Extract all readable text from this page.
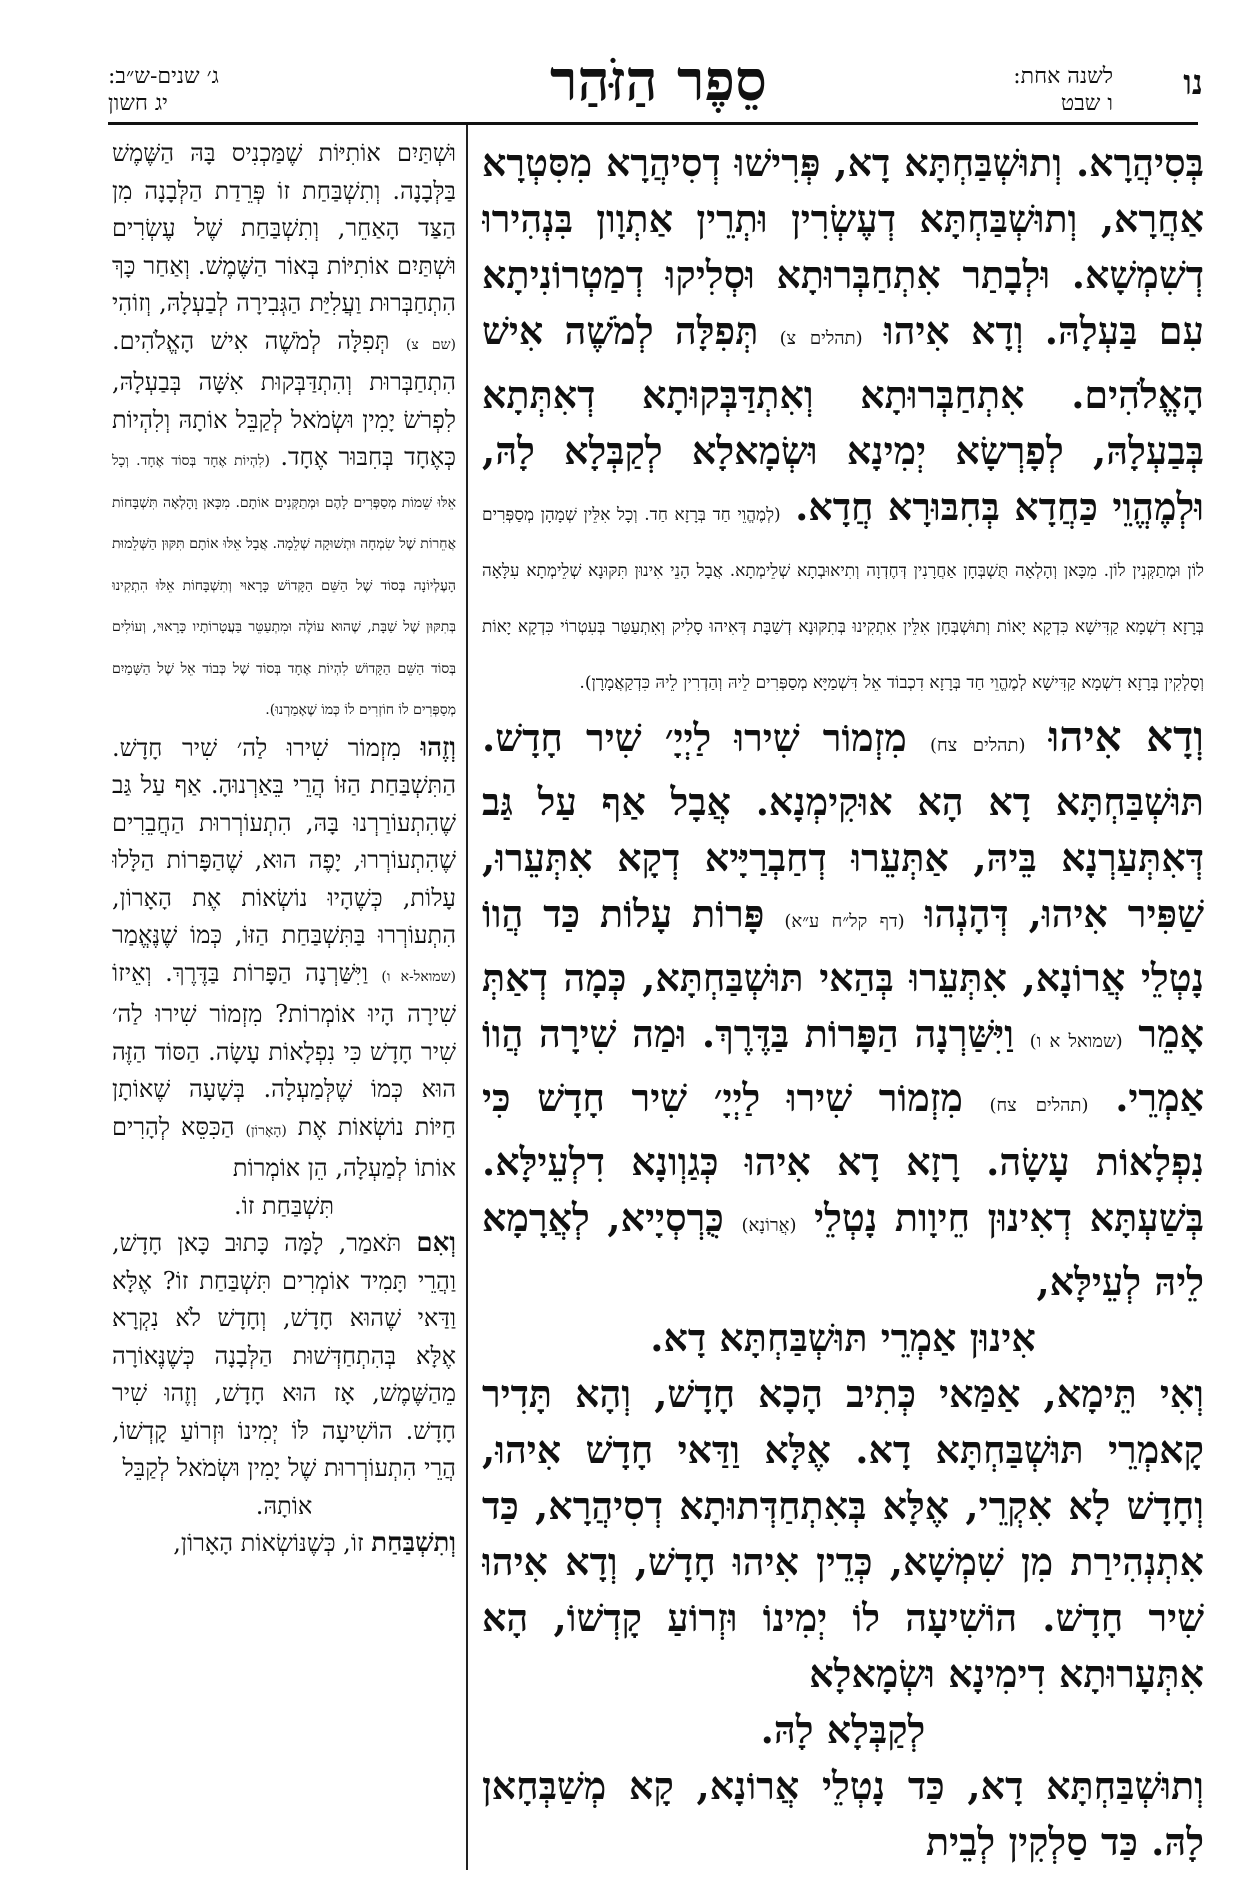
נו
לשנה אחת:
ו שבט
סֵפֶר הַזֹּהַר
ג׳ שנים-ש״ב:
יג חשון

בְּסִיהֲרָא. וְתוּשְׁבַּחְתָּא דָא, פְּרִישׁוּ דְסִיהֲרָא מִסִּטְרָא אַחֲרָא, וְתוּשְׁבַּחְתָּא דְעֶשְׂרִין וּתְרֵין אַתְוָון בִּנְהִירוּ דְשִׁמְשָׁא. וּלְבָתַר אִתְחַבְּרוּתָא וּסְלִיקוּ דְמַטְרוֹנִיתָא עִם בַּעְלָהּ. וְדָא אִיהוּ (תהלים צ) תְּפִלָּה לְמֹשֶׁה אִישׁ הָאֱלֹהִים. אִתְחַבְּרוּתָא וְאִתְדַּבְּקוּתָא דְאִתְּתָא בְּבַעְלָהּ, לְפָרְשָׂא יְמִינָא וּשְׂמָאלָא לְקַבְּלָא לָהּ, וּלְמֶהֱוֵי כַּחֲדָא בְּחִבּוּרָא חֲדָא. (לְמֶהֱוֵי חַד בְּרָזָא חַד. וְכָל אִלֵּין שְׁמָהָן מְסַפְּרִים לוֹן וּמְתַקְּנִין לוֹן. מִכָּאן וְהָלְאָה תֻּשְׁבְּחָן אַחֲרָנִין דְּחֶדְוָה וְתִיאוּבְתָא שְׁלֵימְתָא. אֲבָל הָנֵי אִינוּן תִּקּוּנָא שְׁלֵימְתָא עִלָּאָה בְּרָזָא דִשְׁמָא קַדִּישָׁא כִּדְקָא יָאוֹת וְתוּשְׁבְּחָן אִלֵּין אִתְקִינוּ בְּתִקּוּנָא דְשַׁבָּת דְּאִיהוּ סָלִיק וְאִתְעַטַּר בְּעִטְרוֹי כִּדְקָא יָאוֹת וְסָלְקִין בְּרָזָא דִשְׁמָא קַדִּישָׁא לְמֶהֱוֵי חַד בְּרָזָא דִכְבוֹד אֵל דִּשְׁמַיָּא מְסַפְּרִים לֵיהּ וְהַדְרִין לֵיהּ כִּדְקַאֲמָרָן).

וְדָא אִיהוּ (תהלים צח) מִזְמוֹר שִׁירוּ לַיְיָ׳ שִׁיר חָדָשׁ. תּוּשְׁבַּחְתָּא דָא הָא אוּקִימְנָא. אֲבָל אַף עַל גַּב דְּאִתְּעַרְנָא בֵּיהּ, אַתְּעֵרוּ דְחַבְרַיָּיא דְקָא אִתְּעֵרוּ, שַׁפִּיר אִיהוּ, דְּהָנְהוּ (דף קל״ח ע״א) פָּרוֹת עָלוֹת כַּד הֲווֹ נָטְלֵי אֲרוֹנָא, אִתְּעֵרוּ בְּהַאי תּוּשְׁבַּחְתָּא, כְּמָה דְאַתְּ אָמֵר (שמואל א ו) וַיִּשַּׁרְנָה הַפָּרוֹת בַּדֶּרֶךְ. וּמַה שִׁירָה הֲווֹ אַמְרֵי. (תהלים צח) מִזְמוֹר שִׁירוּ לַיְיָ׳ שִׁיר חָדָשׁ כִּי נִפְלָאוֹת עָשָׂה. רָזָא דָא אִיהוּ כְּגַוְונָא דִלְעֵילָּא. בְּשַׁעְתָּא דְאִינוּן חֵיוָות נָטְלֵי (אֲרוֹנָא) כֻּרְסְיָיא, לְאֲרָמָא לֵיהּ לְעֵילָּא,

אִינוּן אַמְרֵי תּוּשְׁבַּחְתָּא דָא.

וְאִי תֵּימָא, אַמַּאי כְּתִיב הָכָא חָדָשׁ, וְהָא תָּדִיר קָאמְרֵי תּוּשְׁבַּחְתָּא דָא. אֶלָּא וַדַּאי חָדָשׁ אִיהוּ, וְחָדָשׁ לָא אִקְרֵי, אֶלָּא בְּאִתְחַדְּתוּתָא דְסִיהֲרָא, כַּד אִתְנְהִירַת מִן שִׁמְשָׁא, כְּדֵין אִיהוּ חָדָשׁ, וְדָא אִיהוּ שִׁיר חָדָשׁ. הוֹשִׁיעָה לוֹ יְמִינוֹ וּזְרוֹעַ קָדְשׁוֹ, הָא אִתְּעָרוּתָא דִימִינָא וּשְׂמָאלָא

לְקַבְּלָא לָהּ.

וְתוּשְׁבַּחְתָּא דָא, כַּד נָטְלֵי אֲרוֹנָא, קָא מְשַׁבְּחָאן לָהּ. כַּד סַלְקִין לְבֵית

וּשְׁתַּיִם אוֹתִיּוֹת שֶׁמַּכְנִיס בָּהּ הַשֶּׁמֶשׁ בַּלְּבָנָה. וְתִשְׁבַּחַת זוֹ פְּרֵדַת הַלְּבָנָה מִן הַצַּד הָאַחֵר, וְתִשְׁבַּחַת שֶׁל עֶשְׂרִים וּשְׁתַּיִם אוֹתִיּוֹת בְּאוֹר הַשֶּׁמֶשׁ. וְאַחַר כָּךְ הִתְחַבְּרוּת וַעֲלִיַּת הַגְּבִירָה לְבַעְלָהּ, וְזוֹהִי (שם צ) תְּפִלָּה לְמֹשֶׁה אִישׁ הָאֱלֹהִים. הִתְחַבְּרוּת וְהִתְדַּבְּקוּת אִשָּׁה בְּבַעְלָהּ, לִפְרֹשׂ יָמִין וּשְׂמֹאל לְקַבֵּל אוֹתָהּ וְלִהְיוֹת כְּאֶחָד בְּחִבּוּר אֶחָד. (לִהְיוֹת אֶחָד בְּסוֹד אֶחָד. וְכָל אֵלּוּ שֵׁמוֹת מְסַפְּרִים לָהֶם וּמְתַקְּנִים אוֹתָם. מִכָּאן וָהָלְאָה תִּשְׁבָּחוֹת אֲחֵרוֹת שֶׁל שִׂמְחָה וּתְשׁוּקָה שְׁלֵמָה. אֲבָל אֵלּוּ אוֹתָם תִּקּוּן הַשְּׁלֵמוּת הָעֶלְיוֹנָה בְּסוֹד שֶׁל הַשֵּׁם הַקָּדוֹשׁ כָּרָאוּי וְתִשְׁבָּחוֹת אֵלּוּ הִתְקִינוּ בְּתִקּוּן שֶׁל שַׁבָּת, שֶׁהוּא עוֹלֶה וּמִתְעַטֵּר בַּעֲטָרוֹתָיו כָּרָאוּי, וְעוֹלִים בְּסוֹד הַשֵּׁם הַקָּדוֹשׁ לִהְיוֹת אֶחָד בְּסוֹד שֶׁל כְּבוֹד אֵל שֶׁל הַשָּׁמַיִם מְסַפְּרִים לוֹ חוֹזְרִים לוֹ כְּמוֹ שֶׁאָמַרְנוּ).

וְזֶהוּ מִזְמוֹר שִׁירוּ לַה׳ שִׁיר חָדָשׁ. הַתִּשְׁבַּחַת הַזּוֹ הֲרֵי בֵּאַרְנוּהָ. אַף עַל גַּב שֶׁהִתְעוֹרַרְנוּ בָּהּ, הִתְעוֹרְרוּת הַחֲבֵרִים שֶׁהִתְעוֹרְרוּ, יָפֶה הוּא, שֶׁהַפָּרוֹת הַלָּלוּ עָלוֹת, כְּשֶׁהָיוּ נוֹשְׂאוֹת אֶת הָאָרוֹן, הִתְעוֹרְרוּ בַּתִּשְׁבַּחַת הַזּוֹ, כְּמוֹ שֶׁנֶּאֱמַר (שמואל-א ו) וַיִּשַּׁרְנָה הַפָּרוֹת בַּדֶּרֶךְ. וְאֵיזוֹ שִׁירָה הָיוּ אוֹמְרוֹת? מִזְמוֹר שִׁירוּ לַה׳ שִׁיר חָדָשׁ כִּי נִפְלָאוֹת עָשָׂה. הַסּוֹד הַזֶּה הוּא כְּמוֹ שֶׁלְּמַעְלָה. בְּשָׁעָה שֶׁאוֹתָן חַיּוֹת נוֹשְׂאוֹת אֶת (הָאָרוֹן) הַכִּסֵּא לְהָרִים אוֹתוֹ לְמַעְלָה, הֵן אוֹמְרוֹת

תִּשְׁבַּחַת זוֹ.

וְאִם תֹּאמַר, לָמָּה כָּתוּב כָּאן חָדָשׁ, וַהֲרֵי תָּמִיד אוֹמְרִים תִּשְׁבַּחַת זוֹ? אֶלָּא וַדַּאי שֶׁהוּא חָדָשׁ, וְחָדָשׁ לֹא נִקְרָא אֶלָּא בְּהִתְחַדְּשׁוּת הַלְּבָנָה כְּשֶׁנֶּאוֹרָה מֵהַשֶּׁמֶשׁ, אָז הוּא חָדָשׁ, וְזֶהוּ שִׁיר חָדָשׁ. הוֹשִׁיעָה לּוֹ יְמִינוֹ וּזְרוֹעַ קָדְשׁוֹ, הֲרֵי הִתְעוֹרְרוּת שֶׁל יָמִין וּשְׂמֹאל לְקַבֵּל

אוֹתָהּ.

וְתִשְׁבַּחַת זוֹ, כְּשֶׁנּוֹשְׂאוֹת הָאָרוֹן,
